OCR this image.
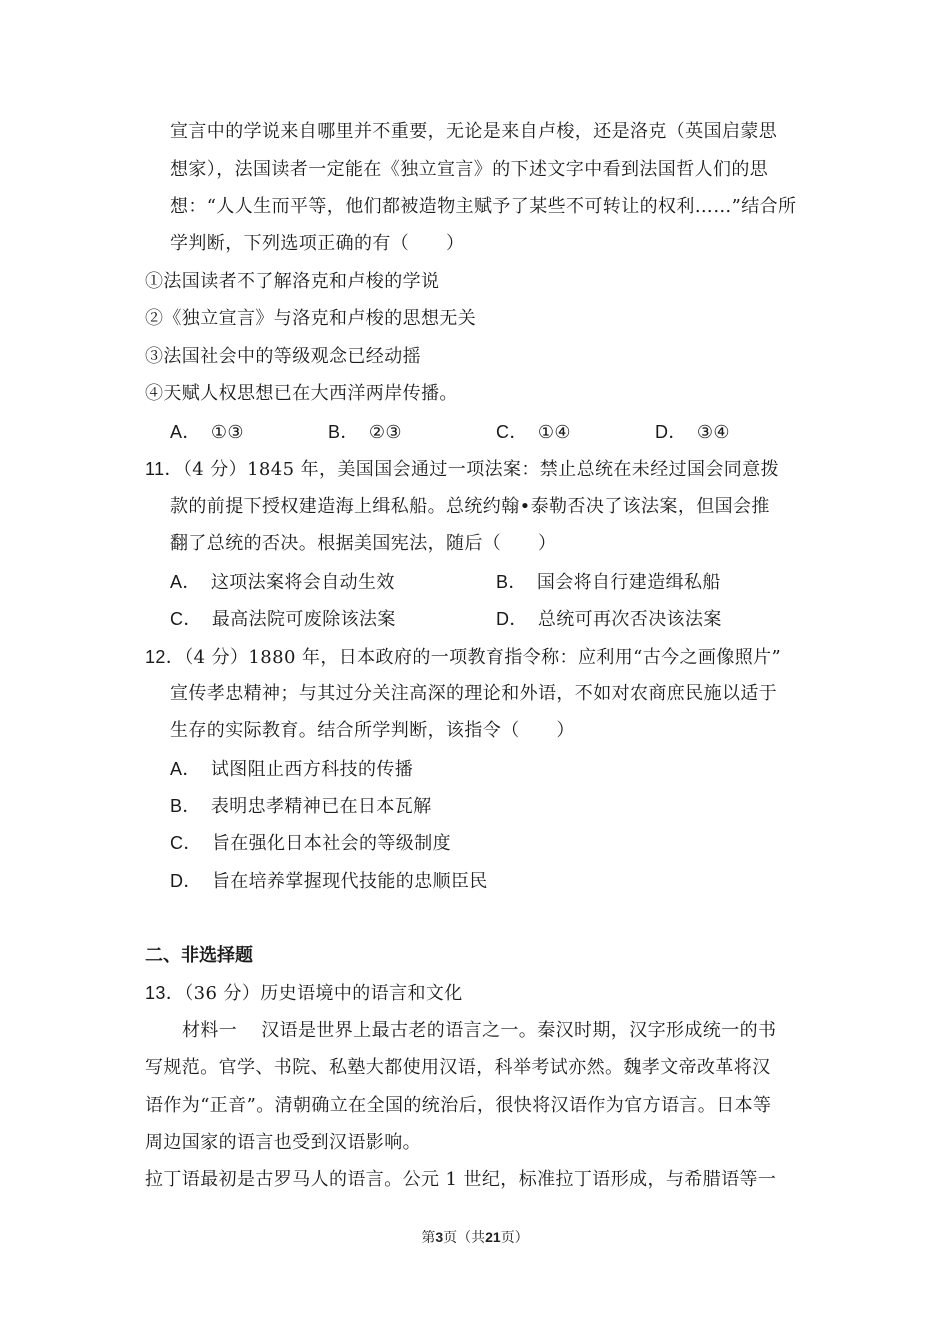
宣言中的学说来自哪里并不重要，无论是来自卢梭，还是洛克（英国启蒙思
想家），法国读者一定能在《独立宣言》的下述文字中看到法国哲人们的思
想：“人人生而平等，他们都被造物主赋予了某些不可转让的权利……”结合所
学判断，下列选项正确的有（　　）
①法国读者不了解洛克和卢梭的学说
②《独立宣言》与洛克和卢梭的思想无关
③法国社会中的等级观念已经动摇
④天赋人权思想已在大西洋两岸传播。
A． ①③	B． ②③	C． ①④	D． ③④
11．（4 分）1845 年，美国国会通过一项法案：禁止总统在未经过国会同意拨
款的前提下授权建造海上缉私船。总统约翰•泰勒否决了该法案，但国会推
翻了总统的否决。根据美国宪法，随后（　　）
A． 这项法案将会自动生效	B． 国会将自行建造缉私船
C． 最高法院可废除该法案	D． 总统可再次否决该法案
12．（4 分）1880 年，日本政府的一项教育指令称：应利用“古今之画像照片”
宣传孝忠精神；与其过分关注高深的理论和外语，不如对农商庶民施以适于
生存的实际教育。结合所学判断，该指令（　　）
A． 试图阻止西方科技的传播
B． 表明忠孝精神已在日本瓦解
C． 旨在强化日本社会的等级制度
D． 旨在培养掌握现代技能的忠顺臣民
二、非选择题
13．（36 分）历史语境中的语言和文化
材料一 汉语是世界上最古老的语言之一。秦汉时期，汉字形成统一的书
写规范。官学、书院、私塾大都使用汉语，科举考试亦然。魏孝文帝改革将汉
语作为“正音”。清朝确立在全国的统治后，很快将汉语作为官方语言。日本等
周边国家的语言也受到汉语影响。
拉丁语最初是古罗马人的语言。公元 1 世纪，标准拉丁语形成，与希腊语等一
第3页（共21页）
